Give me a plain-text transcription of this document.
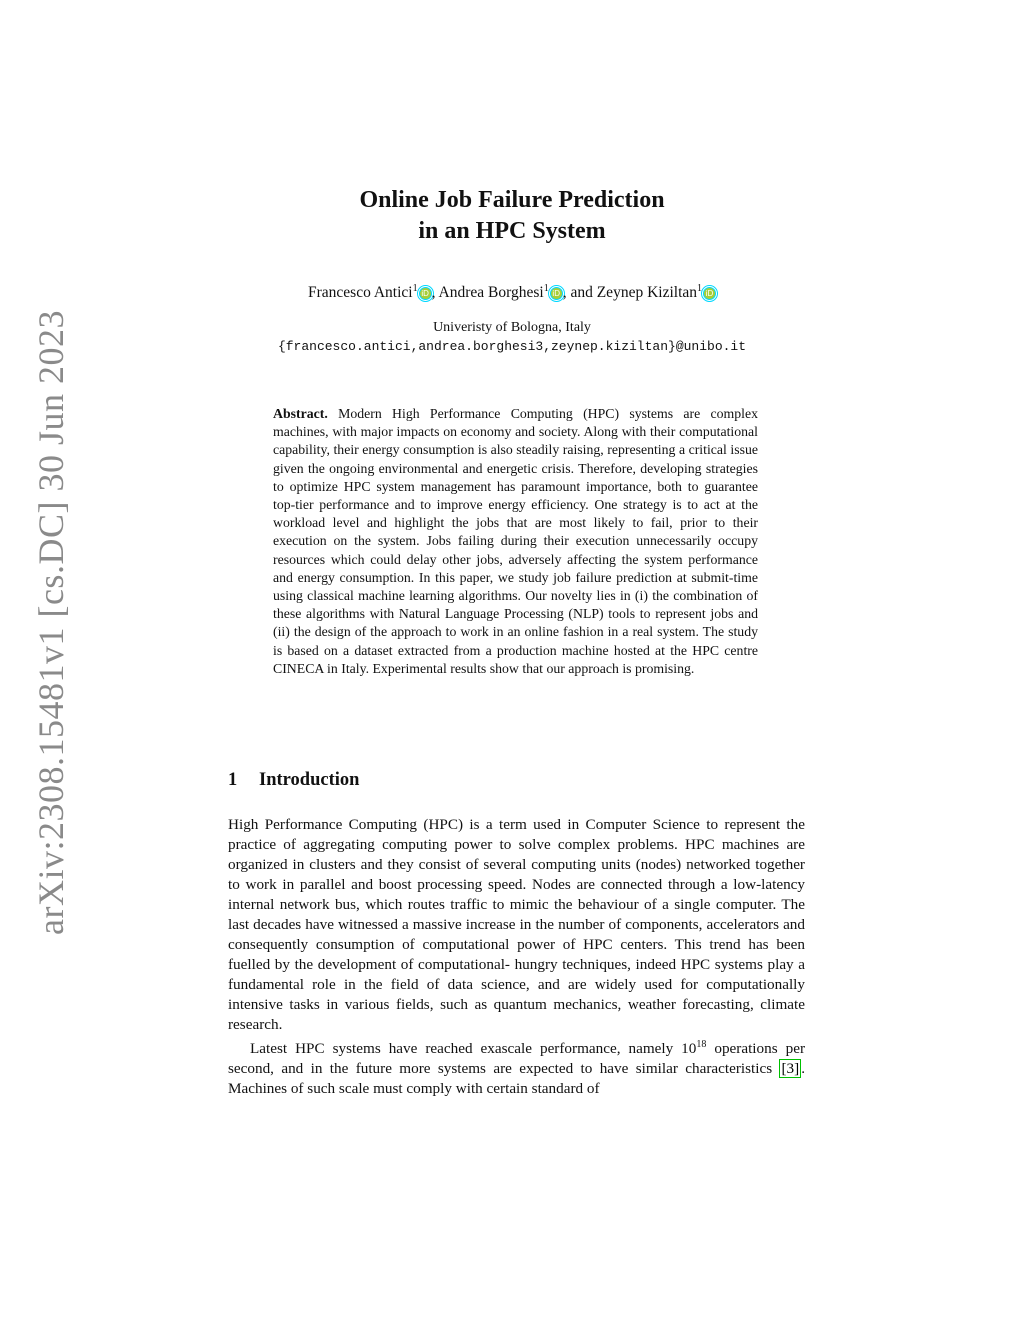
arXiv:2308.15481v1 [cs.DC] 30 Jun 2023
Online Job Failure Prediction
in an HPC System
Francesco Antici$^1$ iD , Andrea Borghesi$^1$ iD , and Zeynep Kiziltan$^1$ iD
Univeristy of Bologna, Italy
{francesco.antici,andrea.borghesi3,zeynep.kiziltan}@unibo.it
Abstract. Modern High Performance Computing (HPC) systems are complex machines, with major impacts on economy and society. Along with their computational capability, their energy consumption is also steadily raising, representing a critical issue given the ongoing environmental and energetic crisis. Therefore, developing strategies to optimize HPC system management has paramount importance, both to guarantee top-tier performance and to improve energy efficiency. One strategy is to act at the workload level and highlight the jobs that are most likely to fail, prior to their execution on the system. Jobs failing during their execution unnecessarily occupy resources which could delay other jobs, adversely affecting the system performance and energy consumption. In this paper, we study job failure prediction at submit-time using classical machine learning algorithms. Our novelty lies in (i) the combination of these algorithms with Natural Language Processing (NLP) tools to represent jobs and (ii) the design of the approach to work in an online fashion in a real system. The study is based on a dataset extracted from a production machine hosted at the HPC centre CINECA in Italy. Experimental results show that our approach is promising.
1 Introduction

High Performance Computing (HPC) is a term used in Computer Science to represent the practice of aggregating computing power to solve complex problems. HPC machines are organized in clusters and they consist of several computing units (nodes) networked together to work in parallel and boost processing speed. Nodes are connected through a low-latency internal network bus, which routes traffic to mimic the behaviour of a single computer. The last decades have witnessed a massive increase in the number of components, accelerators and consequently consumption of computational power of HPC centers. This trend has been fuelled by the development of computational- hungry techniques, indeed HPC systems play a fundamental role in the field of data science, and are widely used for computationally intensive tasks in various fields, such as quantum mechanics, weather forecasting, climate research.

Latest HPC systems have reached exascale performance, namely $10^{18}$ operations per second, and in the future more systems are expected to have similar characteristics [3] . Machines of such scale must comply with certain standard of
